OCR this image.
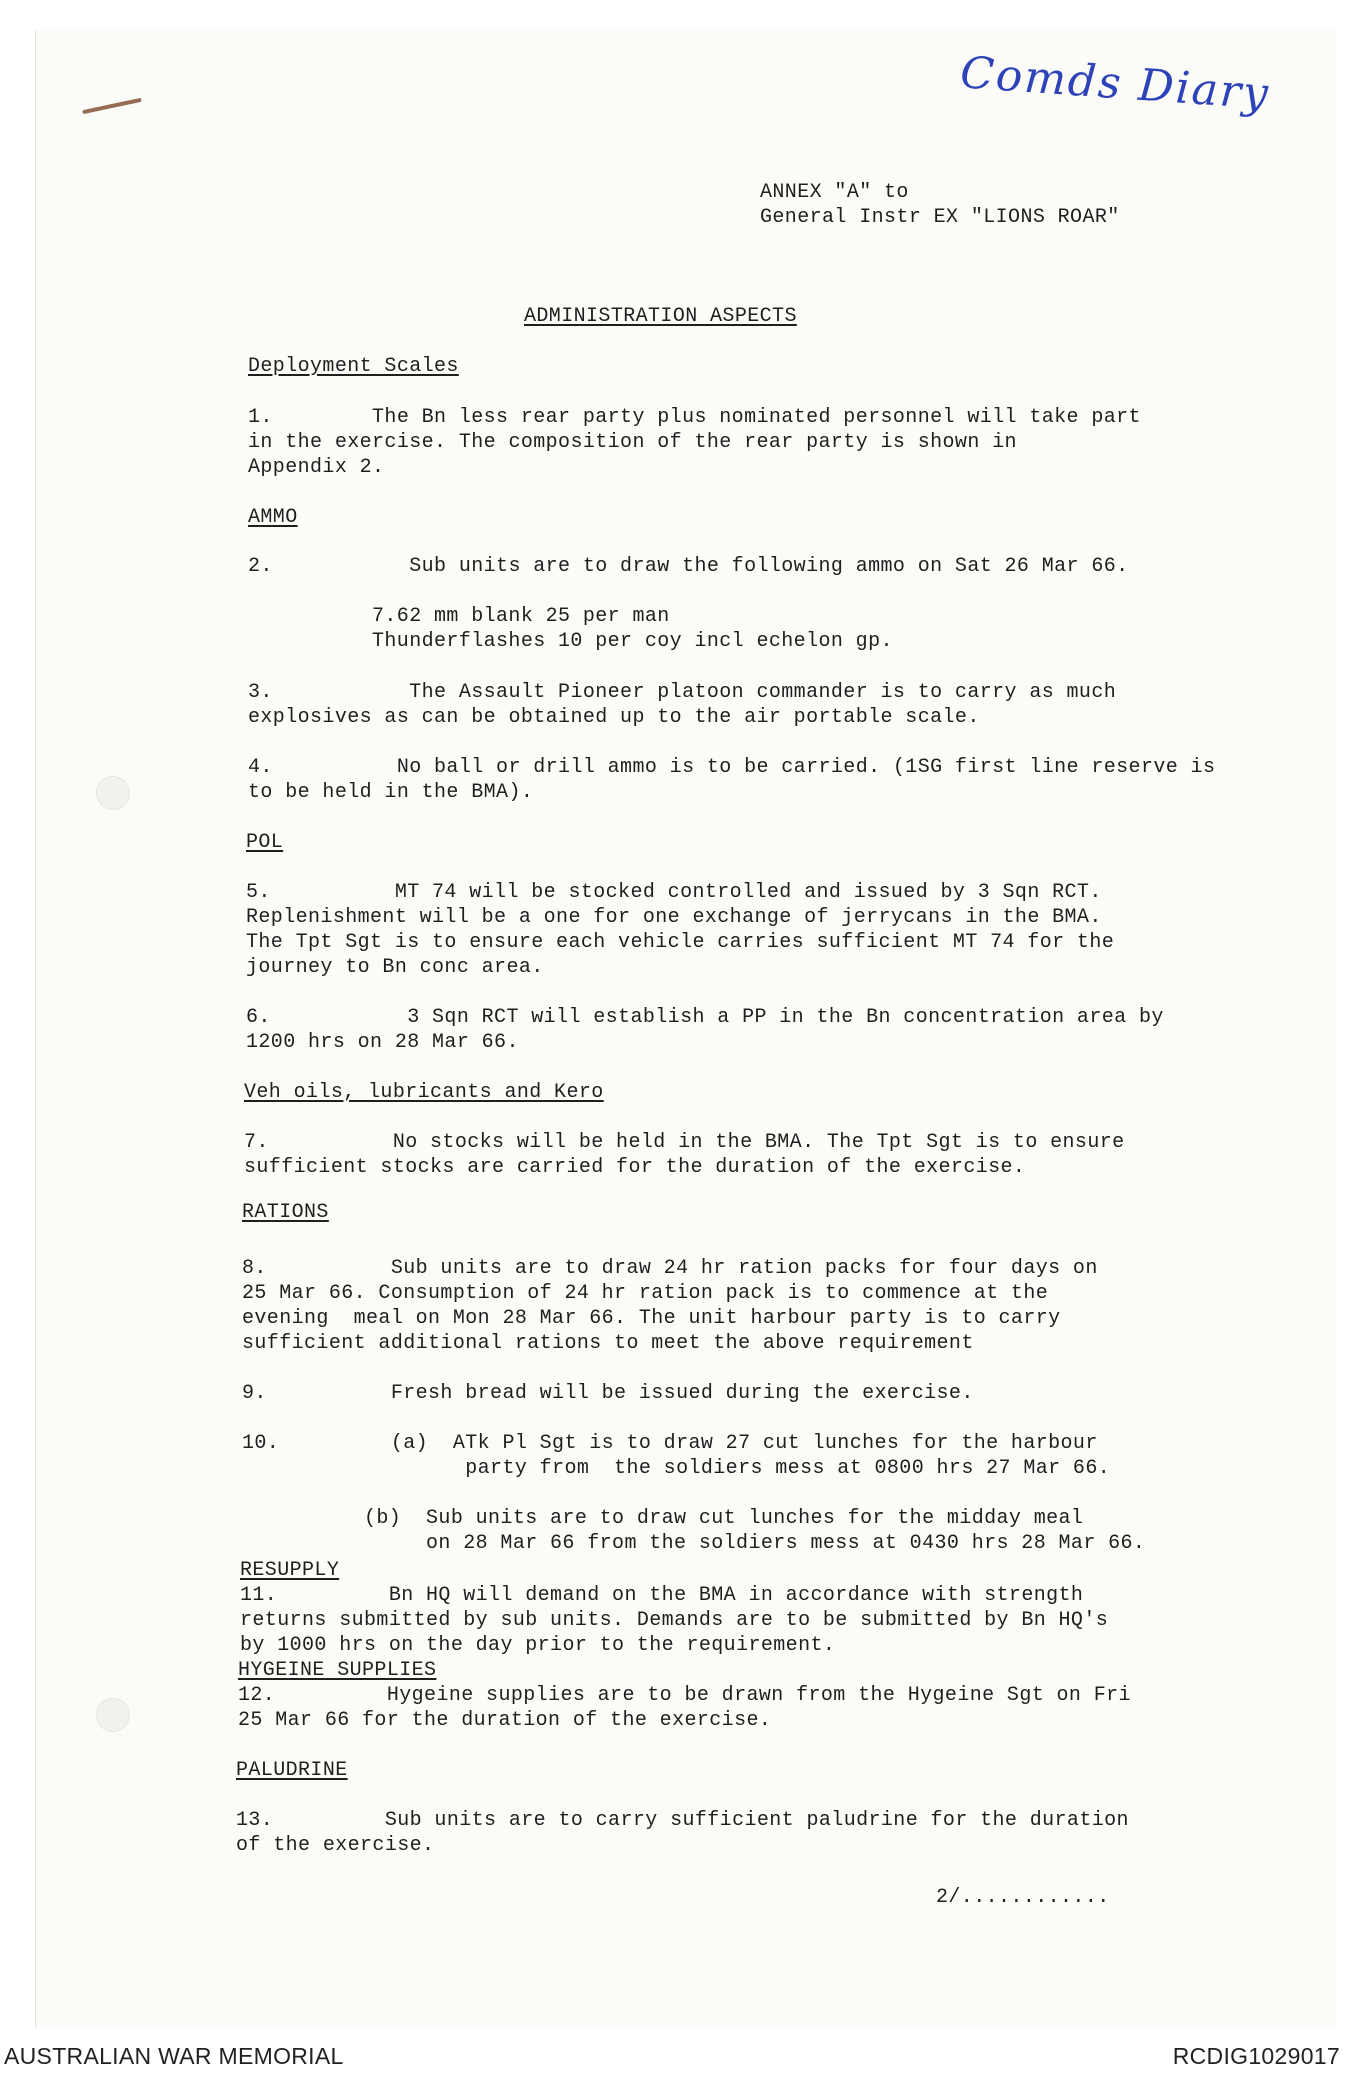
Comds Diary
ANNEX "A" to
General Instr EX "LIONS ROAR"
ADMINISTRATION ASPECTS
Deployment Scales
1.        The Bn less rear party plus nominated personnel will take part
in the exercise. The composition of the rear party is shown in
Appendix 2.
AMMO
2.           Sub units are to draw the following ammo on Sat 26 Mar 66.
7.62 mm blank 25 per man
Thunderflashes 10 per coy incl echelon gp.
3.           The Assault Pioneer platoon commander is to carry as much
explosives as can be obtained up to the air portable scale.
4.          No ball or drill ammo is to be carried. (1SG first line reserve is
to be held in the BMA).
POL
5.          MT 74 will be stocked controlled and issued by 3 Sqn RCT.
Replenishment will be a one for one exchange of jerrycans in the BMA.
The Tpt Sgt is to ensure each vehicle carries sufficient MT 74 for the
journey to Bn conc area.
6.           3 Sqn RCT will establish a PP in the Bn concentration area by
1200 hrs on 28 Mar 66.
Veh oils, lubricants and Kero
7.          No stocks will be held in the BMA. The Tpt Sgt is to ensure
sufficient stocks are carried for the duration of the exercise.
RATIONS
8.          Sub units are to draw 24 hr ration packs for four days on
25 Mar 66. Consumption of 24 hr ration pack is to commence at the
evening  meal on Mon 28 Mar 66. The unit harbour party is to carry
sufficient additional rations to meet the above requirement
9.          Fresh bread will be issued during the exercise.
10.         (a)  ATk Pl Sgt is to draw 27 cut lunches for the harbour
party from  the soldiers mess at 0800 hrs 27 Mar 66.
(b)  Sub units are to draw cut lunches for the midday meal
on 28 Mar 66 from the soldiers mess at 0430 hrs 28 Mar 66.
RESUPPLY
11.         Bn HQ will demand on the BMA in accordance with strength
returns submitted by sub units. Demands are to be submitted by Bn HQ's
by 1000 hrs on the day prior to the requirement.
HYGEINE SUPPLIES
12.         Hygeine supplies are to be drawn from the Hygeine Sgt on Fri
25 Mar 66 for the duration of the exercise.
PALUDRINE
13.         Sub units are to carry sufficient paludrine for the duration
of the exercise.
2/............
AUSTRALIAN WAR MEMORIAL	RCDIG1029017
